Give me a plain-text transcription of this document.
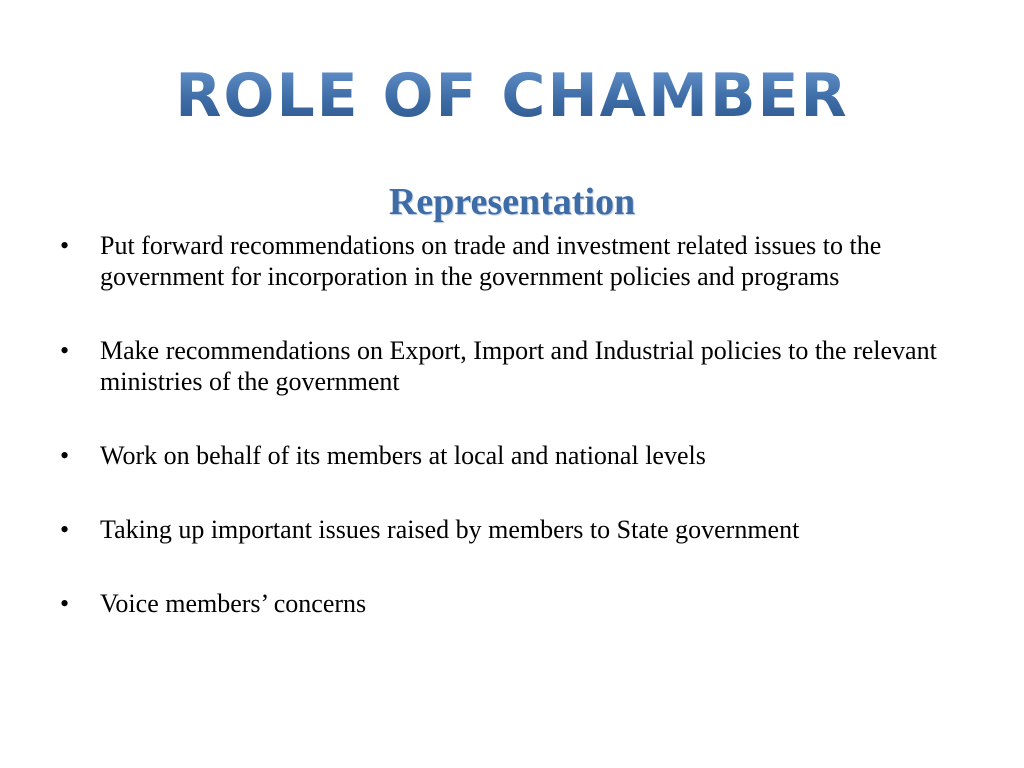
ROLE OF CHAMBER
Representation
• Put forward recommendations on trade and investment related issues to the government for incorporation in the government policies and programs
• Make recommendations on Export, Import and Industrial policies to the relevant ministries of the government
• Work on behalf of its members at local and national levels
• Taking up important issues raised by members to State government
• Voice members’ concerns
